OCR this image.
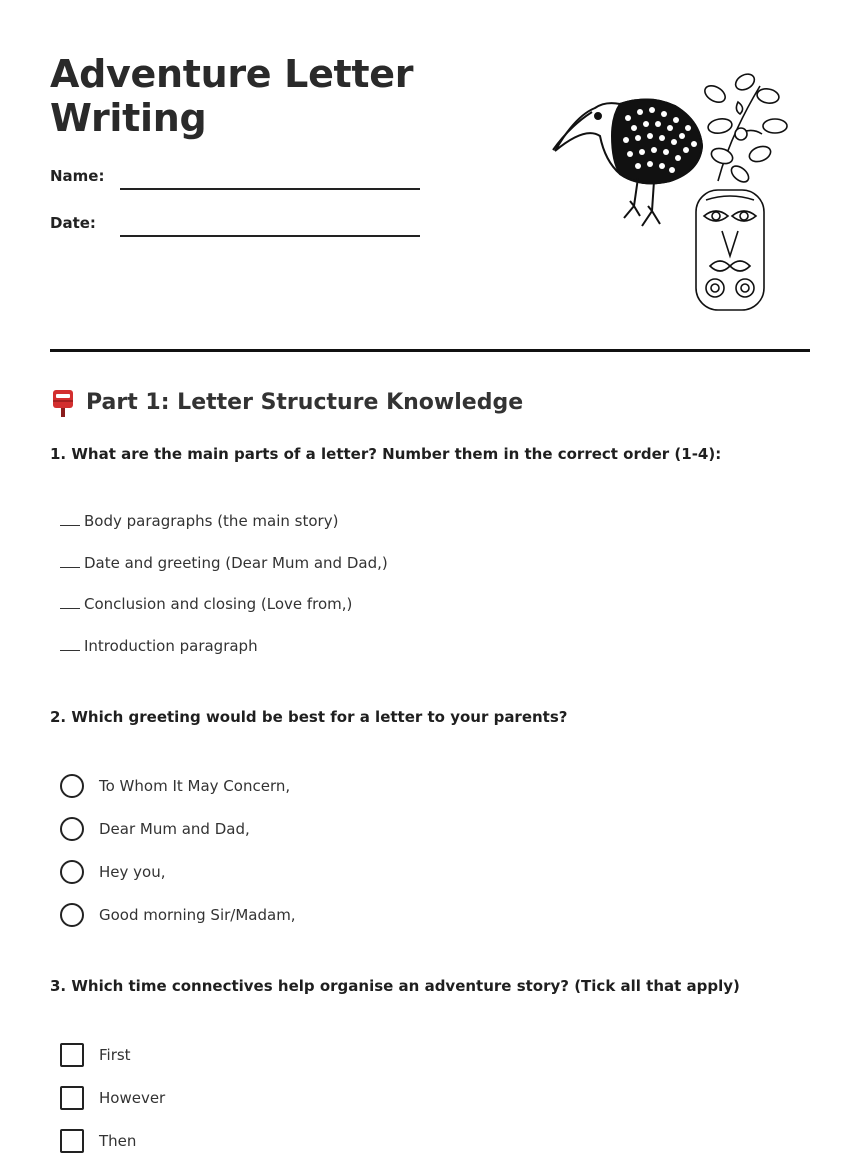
Adventure Letter Writing
Name:
Date:
Part 1: Letter Structure Knowledge
1. What are the main parts of a letter? Number them in the correct order (1-4):
Body paragraphs (the main story)
Date and greeting (Dear Mum and Dad,)
Conclusion and closing (Love from,)
Introduction paragraph
2. Which greeting would be best for a letter to your parents?
To Whom It May Concern,
Dear Mum and Dad,
Hey you,
Good morning Sir/Madam,
3. Which time connectives help organise an adventure story? (Tick all that apply)
First
However
Then
